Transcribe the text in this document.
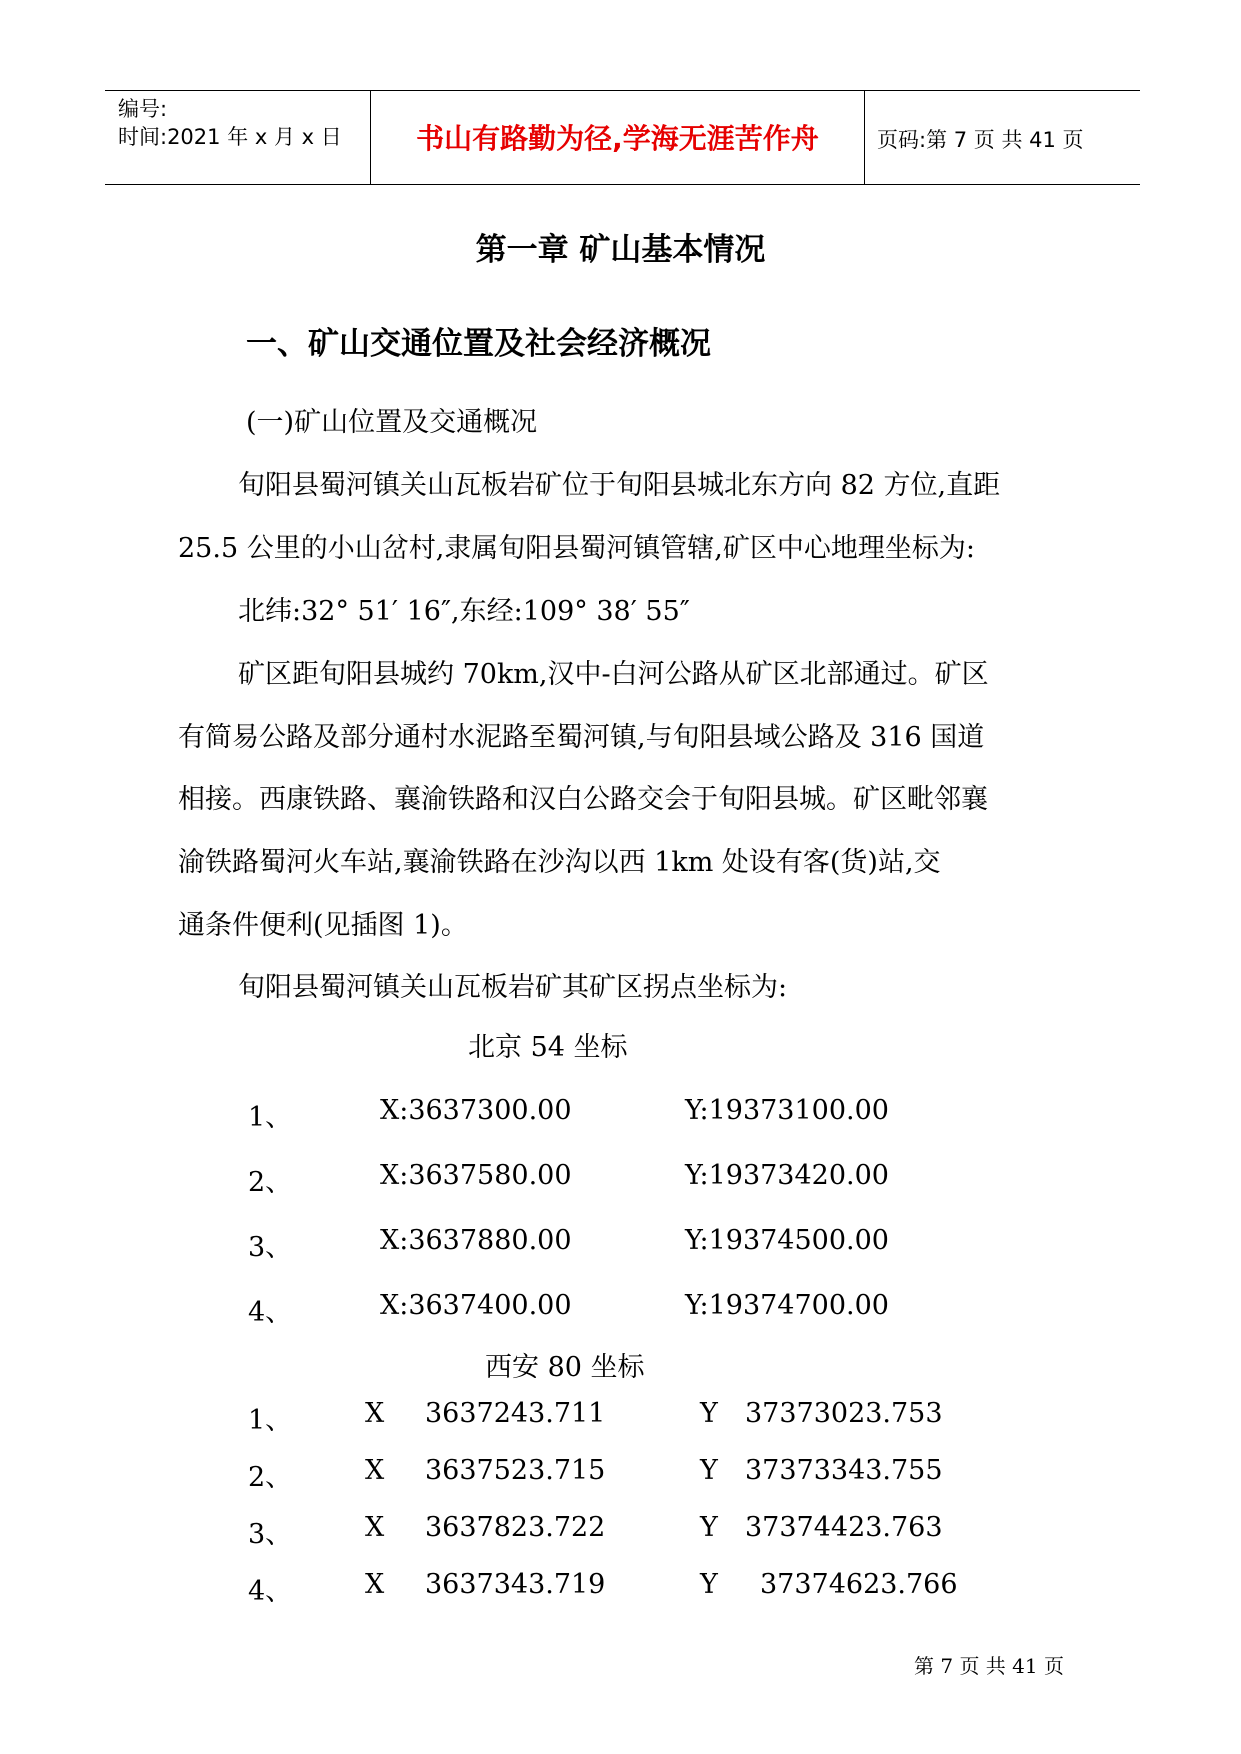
编号:
时间:2021 年 x 月 x 日	书山有路勤为径,学海无涯苦作舟	页码:第 7 页 共 41 页
第一章 矿山基本情况
一、矿山交通位置及社会经济概况
(一)矿山位置及交通概况
旬阳县蜀河镇关山瓦板岩矿位于旬阳县城北东方向 82 方位,直距
25.5 公里的小山岔村,隶属旬阳县蜀河镇管辖,矿区中心地理坐标为:
北纬:32° 51′ 16″,东经:109° 38′ 55″
矿区距旬阳县城约 70km,汉中-白河公路从矿区北部通过。矿区
有简易公路及部分通村水泥路至蜀河镇,与旬阳县域公路及 316 国道
相接。西康铁路、襄渝铁路和汉白公路交会于旬阳县城。矿区毗邻襄
渝铁路蜀河火车站,襄渝铁路在沙沟以西 1km 处设有客(货)站,交
通条件便利(见插图 1)。
旬阳县蜀河镇关山瓦板岩矿其矿区拐点坐标为:
北京 54 坐标
1、	X:3637300.00	Y:19373100.00
2、	X:3637580.00	Y:19373420.00
3、	X:3637880.00	Y:19374500.00
4、	X:3637400.00	Y:19374700.00
西安 80 坐标
1、	X 3637243.711	Y 37373023.753
2、	X 3637523.715	Y 37373343.755
3、	X 3637823.722	Y 37374423.763
4、	X 3637343.719	Y 37374623.766
第 7 页 共 41 页
